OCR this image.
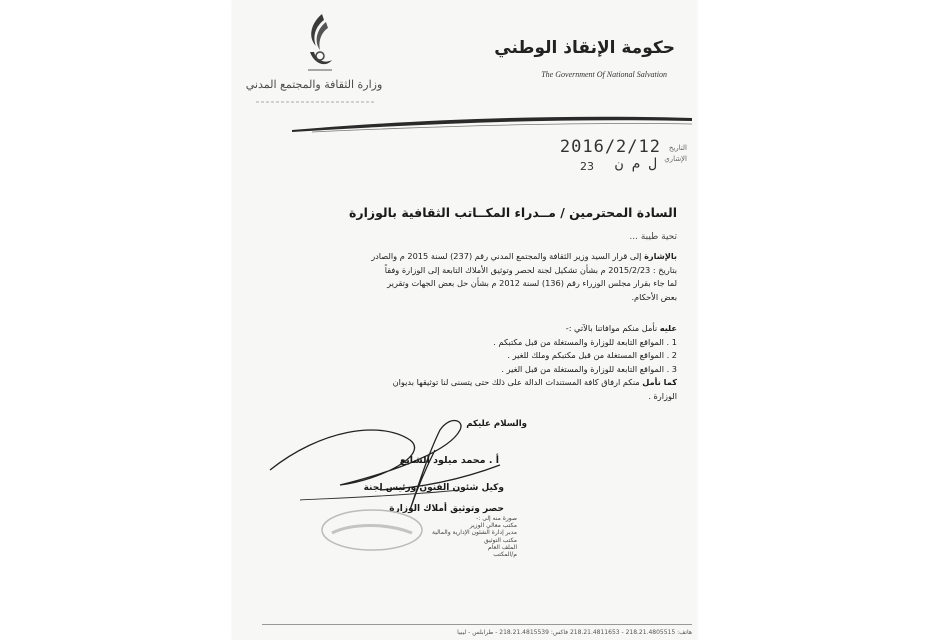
وزارة الثقافة والمجتمع المدني
حكومة الإنقاذ الوطني
The Government Of National Salvation
التاريخ
الإشاري
2016/2/12
ل م ن
23
السادة المحترمين / مــدراء المكــاتب الثقافية بالوزارة
تحية طيبة ...

بالإشارة إلى قرار السيد وزير الثقافة والمجتمع المدني رقم (237) لسنة 2015 م والصادر

بتاريخ : 2015/2/23 م بشأن تشكيل لجنة لحصر وتوثيق الأملاك التابعة إلى الوزارة وفقاً

لما جاء بقرار مجلس الوزراء رقم (136) لسنة 2012 م بشأن حل بعض الجهات وتقرير

بعض الأحكام.

عليه نأمل منكم موافاتنا بالآتي :-

1 . المواقع التابعة للوزارة والمستغلة من قبل مكتبكم .

2 . المواقع المستغلة من قبل مكتبكم وملك للغير .

3 . المواقع التابعة للوزارة والمستغلة من قبل الغير .

كما نأمل منكم ارفاق كافة المستندات الدالة على ذلك حتى يتسنى لنا توثيقها بديوان

الوزارة .

والسلام عليكم
أ . محمد ميلود الشايع
وكيل شئون الفنون ورئيس لجنة
حصر وتوثيق أملاك الوزارة

صورة منه إلى :-

مكتب معالي الوزير

مدير إدارة الشئون الإدارية والمالية

مكتب التوثيق

الملف العام

م/المكتب

هاتف: 218.21.4805515 - 218.21.4811653 فاكس: 218.21.4815539 - طرابلس - ليبيا
